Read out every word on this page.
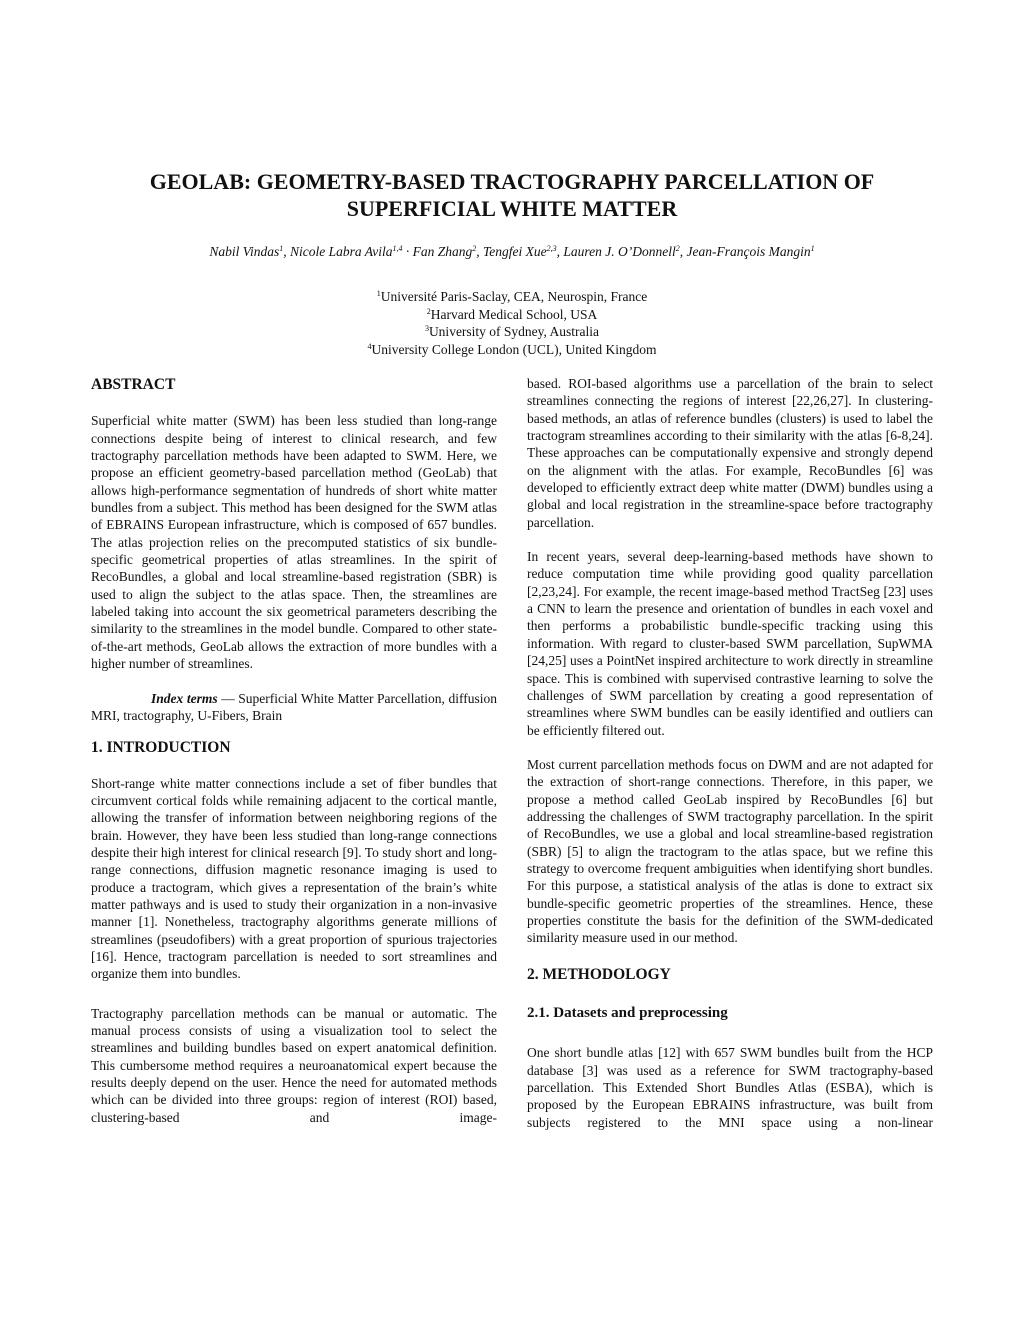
GEOLAB: GEOMETRY-BASED TRACTOGRAPHY PARCELLATION OF
SUPERFICIAL WHITE MATTER
Nabil Vindas$^1$, Nicole Labra Avila$^{1,4}$ · Fan Zhang$^2$, Tengfei Xue$^{2,3}$, Lauren J. O’Donnell$^2$, Jean-François Mangin$^1$
$^1$Université Paris-Saclay, CEA, Neurospin, France
$^2$Harvard Medical School, USA
$^3$University of Sydney, Australia
$^4$University College London (UCL), United Kingdom

ABSTRACT

Superficial white matter (SWM) has been less studied than long-range connections despite being of interest to clinical research, and few tractography parcellation methods have been adapted to SWM. Here, we propose an efficient geometry-based parcellation method (GeoLab) that allows high-performance segmentation of hundreds of short white matter bundles from a subject. This method has been designed for the SWM atlas of EBRAINS European infrastructure, which is composed of 657 bundles. The atlas projection relies on the precomputed statistics of six bundle-specific geometrical properties of atlas streamlines. In the spirit of RecoBundles, a global and local streamline-based registration (SBR) is used to align the subject to the atlas space. Then, the streamlines are labeled taking into account the six geometrical parameters describing the similarity to the streamlines in the model bundle. Compared to other state-of-the-art methods, GeoLab allows the extraction of more bundles with a higher number of streamlines.

Index terms — Superficial White Matter Parcellation, diffusion MRI, tractography, U-Fibers, Brain

1. INTRODUCTION

Short-range white matter connections include a set of fiber bundles that circumvent cortical folds while remaining adjacent to the cortical mantle, allowing the transfer of information between neighboring regions of the brain. However, they have been less studied than long-range connections despite their high interest for clinical research [9]. To study short and long-range connections, diffusion magnetic resonance imaging is used to produce a tractogram, which gives a representation of the brain’s white matter pathways and is used to study their organization in a non-invasive manner [1]. Nonetheless, tractography algorithms generate millions of streamlines (pseudofibers) with a great proportion of spurious trajectories [16]. Hence, tractogram parcellation is needed to sort streamlines and organize them into bundles.

Tractography parcellation methods can be manual or automatic. The manual process consists of using a visualization tool to select the streamlines and building bundles based on expert anatomical definition. This cumbersome method requires a neuroanatomical expert because the results deeply depend on the user. Hence the need for automated methods which can be divided into three groups: region of interest (ROI) based, clustering-based and image-

based. ROI-based algorithms use a parcellation of the brain to select streamlines connecting the regions of interest [22,26,27]. In clustering-based methods, an atlas of reference bundles (clusters) is used to label the tractogram streamlines according to their similarity with the atlas [6-8,24]. These approaches can be computationally expensive and strongly depend on the alignment with the atlas. For example, RecoBundles [6] was developed to efficiently extract deep white matter (DWM) bundles using a global and local registration in the streamline-space before tractography parcellation.

In recent years, several deep-learning-based methods have shown to reduce computation time while providing good quality parcellation [2,23,24]. For example, the recent image-based method TractSeg [23] uses a CNN to learn the presence and orientation of bundles in each voxel and then performs a probabilistic bundle-specific tracking using this information. With regard to cluster-based SWM parcellation, SupWMA [24,25] uses a PointNet inspired architecture to work directly in streamline space. This is combined with supervised contrastive learning to solve the challenges of SWM parcellation by creating a good representation of streamlines where SWM bundles can be easily identified and outliers can be efficiently filtered out.

Most current parcellation methods focus on DWM and are not adapted for the extraction of short-range connections. Therefore, in this paper, we propose a method called GeoLab inspired by RecoBundles [6] but addressing the challenges of SWM tractography parcellation. In the spirit of RecoBundles, we use a global and local streamline-based registration (SBR) [5] to align the tractogram to the atlas space, but we refine this strategy to overcome frequent ambiguities when identifying short bundles. For this purpose, a statistical analysis of the atlas is done to extract six bundle-specific geometric properties of the streamlines. Hence, these properties constitute the basis for the definition of the SWM-dedicated similarity measure used in our method.

2. METHODOLOGY

2.1. Datasets and preprocessing

One short bundle atlas [12] with 657 SWM bundles built from the HCP database [3] was used as a reference for SWM tractography-based parcellation. This Extended Short Bundles Atlas (ESBA), which is proposed by the European EBRAINS infrastructure, was built from subjects registered to the MNI space using a non-linear
